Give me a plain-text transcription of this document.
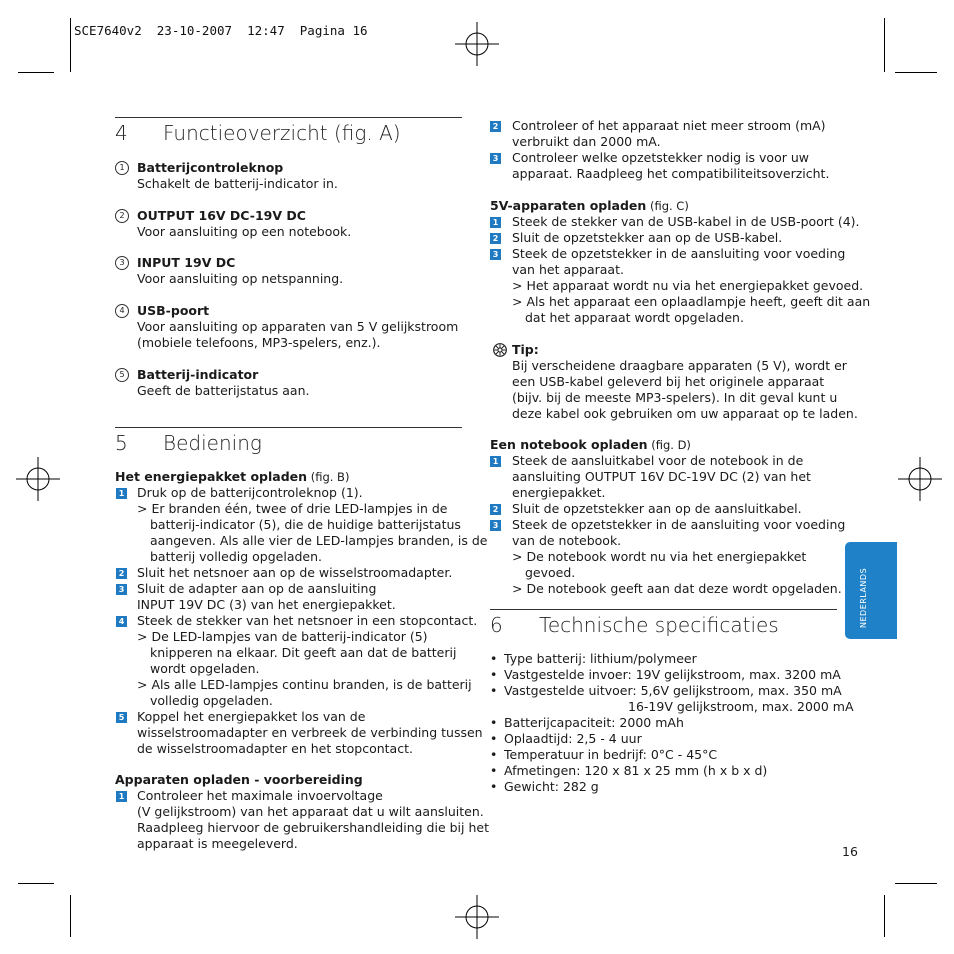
SCE7640v2  23-10-2007  12:47  Pagina 16
4 Functieoverzicht (fig. A)
1 Batterijcontroleknop
Schakelt de batterij-indicator in.
2 OUTPUT 16V DC-19V DC
Voor aansluiting op een notebook.
3 INPUT 19V DC
Voor aansluiting op netspanning.
4 USB-poort
Voor aansluiting op apparaten van 5 V gelijkstroom
(mobiele telefoons, MP3-spelers, enz.).
5 Batterij-indicator
Geeft de batterijstatus aan.
5 Bediening
Het energiepakket opladen (fig. B)
1 Druk op de batterijcontroleknop (1).
> Er branden één, twee of drie LED-lampjes in de
batterij-indicator (5), die de huidige batterijstatus
aangeven. Als alle vier de LED-lampjes branden, is de
batterij volledig opgeladen.
2 Sluit het netsnoer aan op de wisselstroomadapter.
3 Sluit de adapter aan op de aansluiting
INPUT 19V DC (3) van het energiepakket.
4 Steek de stekker van het netsnoer in een stopcontact.
> De LED-lampjes van de batterij-indicator (5)
knipperen na elkaar. Dit geeft aan dat de batterij
wordt opgeladen.
> Als alle LED-lampjes continu branden, is de batterij
volledig opgeladen.
5 Koppel het energiepakket los van de
wisselstroomadapter en verbreek de verbinding tussen
de wisselstroomadapter en het stopcontact.
Apparaten opladen - voorbereiding
1 Controleer het maximale invoervoltage
(V gelijkstroom) van het apparaat dat u wilt aansluiten.
Raadpleeg hiervoor de gebruikershandleiding die bij het
apparaat is meegeleverd.
2 Controleer of het apparaat niet meer stroom (mA)
verbruikt dan 2000 mA.
3 Controleer welke opzetstekker nodig is voor uw
apparaat. Raadpleeg het compatibiliteitsoverzicht.
5V-apparaten opladen (fig. C)
1 Steek de stekker van de USB-kabel in de USB-poort (4).
2 Sluit de opzetstekker aan op de USB-kabel.
3 Steek de opzetstekker in de aansluiting voor voeding
van het apparaat.
> Het apparaat wordt nu via het energiepakket gevoed.
> Als het apparaat een oplaadlampje heeft, geeft dit aan
dat het apparaat wordt opgeladen.
Tip:
Bij verscheidene draagbare apparaten (5 V), wordt er
een USB-kabel geleverd bij het originele apparaat
(bijv. bij de meeste MP3-spelers). In dit geval kunt u
deze kabel ook gebruiken om uw apparaat op te laden.
Een notebook opladen (fig. D)
1 Steek de aansluitkabel voor de notebook in de
aansluiting OUTPUT 16V DC-19V DC (2) van het
energiepakket.
2 Sluit de opzetstekker aan op de aansluitkabel.
3 Steek de opzetstekker in de aansluiting voor voeding
van de notebook.
> De notebook wordt nu via het energiepakket
gevoed.
> De notebook geeft aan dat deze wordt opgeladen.
6 Technische specificaties
• Type batterij: lithium/polymeer
• Vastgestelde invoer: 19V gelijkstroom, max. 3200 mA
• Vastgestelde uitvoer: 5,6V gelijkstroom, max. 350 mA
16-19V gelijkstroom, max. 2000 mA
• Batterijcapaciteit: 2000 mAh
• Oplaadtijd: 2,5 - 4 uur
• Temperatuur in bedrijf: 0°C - 45°C
• Afmetingen: 120 x 81 x 25 mm (h x b x d)
• Gewicht: 282 g
NEDERLANDS
16
